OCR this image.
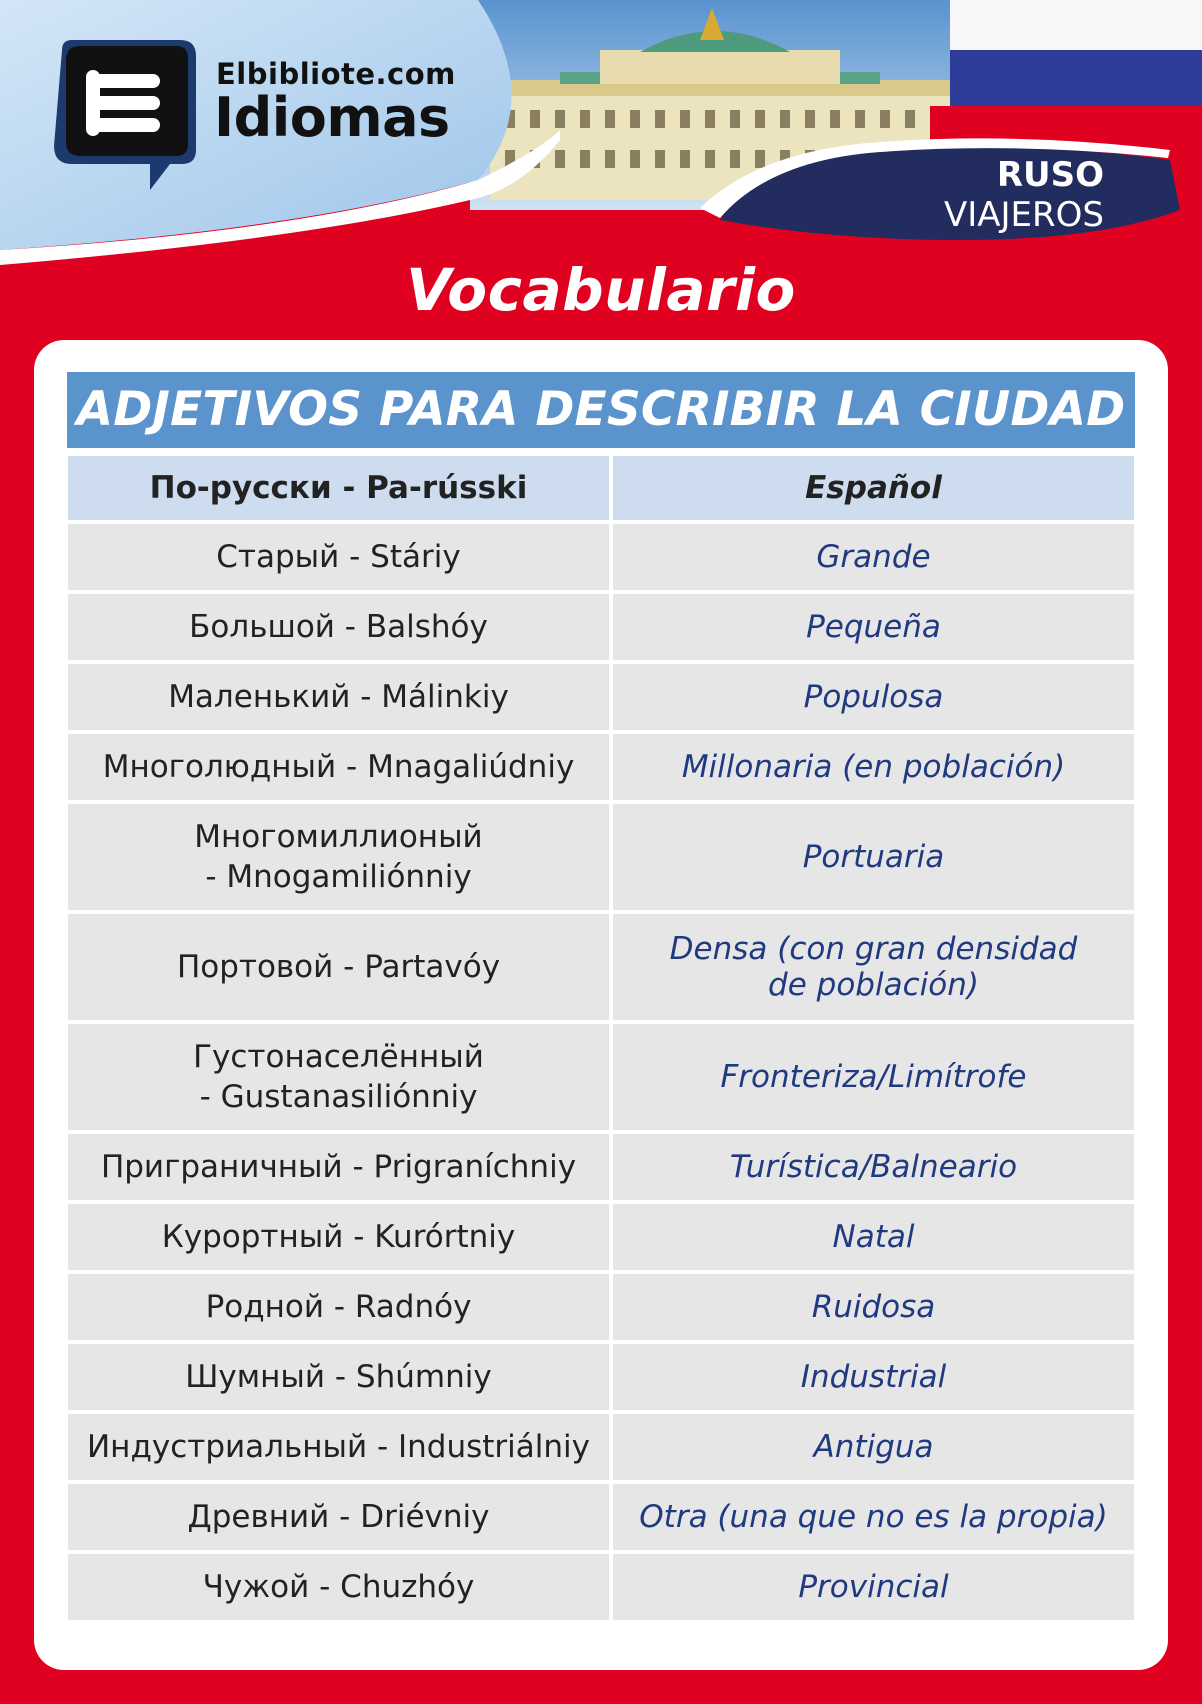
Elbibliote.com
Idiomas
RUSO
VIAJEROS
Vocabulario
ADJETIVOS PARA DESCRIBIR LA CIUDAD
По-русски - Pa-rússki	Español
Старый - Stáriy	Grande
Большой - Balshóy	Pequeña
Маленький - Málinkiy	Populosa
Многолюдный - Mnagaliúdniy	Millonaria (en población)
Многомиллионый
- Mnogamiliónniy	Portuaria
Портовой - Partavóy	Densa (con gran densidad
de población)
Густонаселённый
- Gustanasiliónniy	Fronteriza/Limítrofe
Приграничный - Prigraníchniy	Turística/Balneario
Курортный - Kurórtniy	Natal
Родной - Radnóy	Ruidosa
Шумный - Shúmniy	Industrial
Индустриальный - Industriálniy	Antigua
Древний - Driévniy	Otra (una que no es la propia)
Чужой - Chuzhóy	Provincial
